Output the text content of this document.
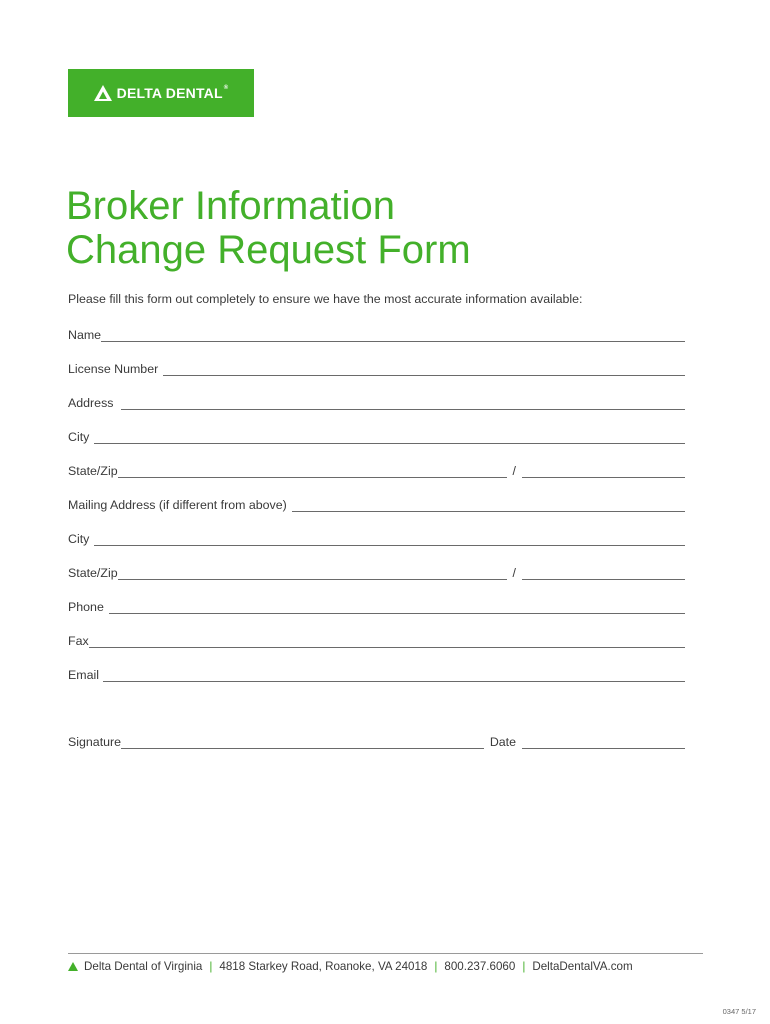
DELTA DENTAL®
Broker Information
Change Request Form
Please fill this form out completely to ensure we have the most accurate information available:
Name
License Number
Address
City
State/Zip	/
Mailing Address (if different from above)
City
State/Zip	/
Phone
Fax
Email
Signature	Date
Delta Dental of Virginia | 4818 Starkey Road, Roanoke, VA 24018 | 800.237.6060 | DeltaDentalVA.com
0347 5/17
